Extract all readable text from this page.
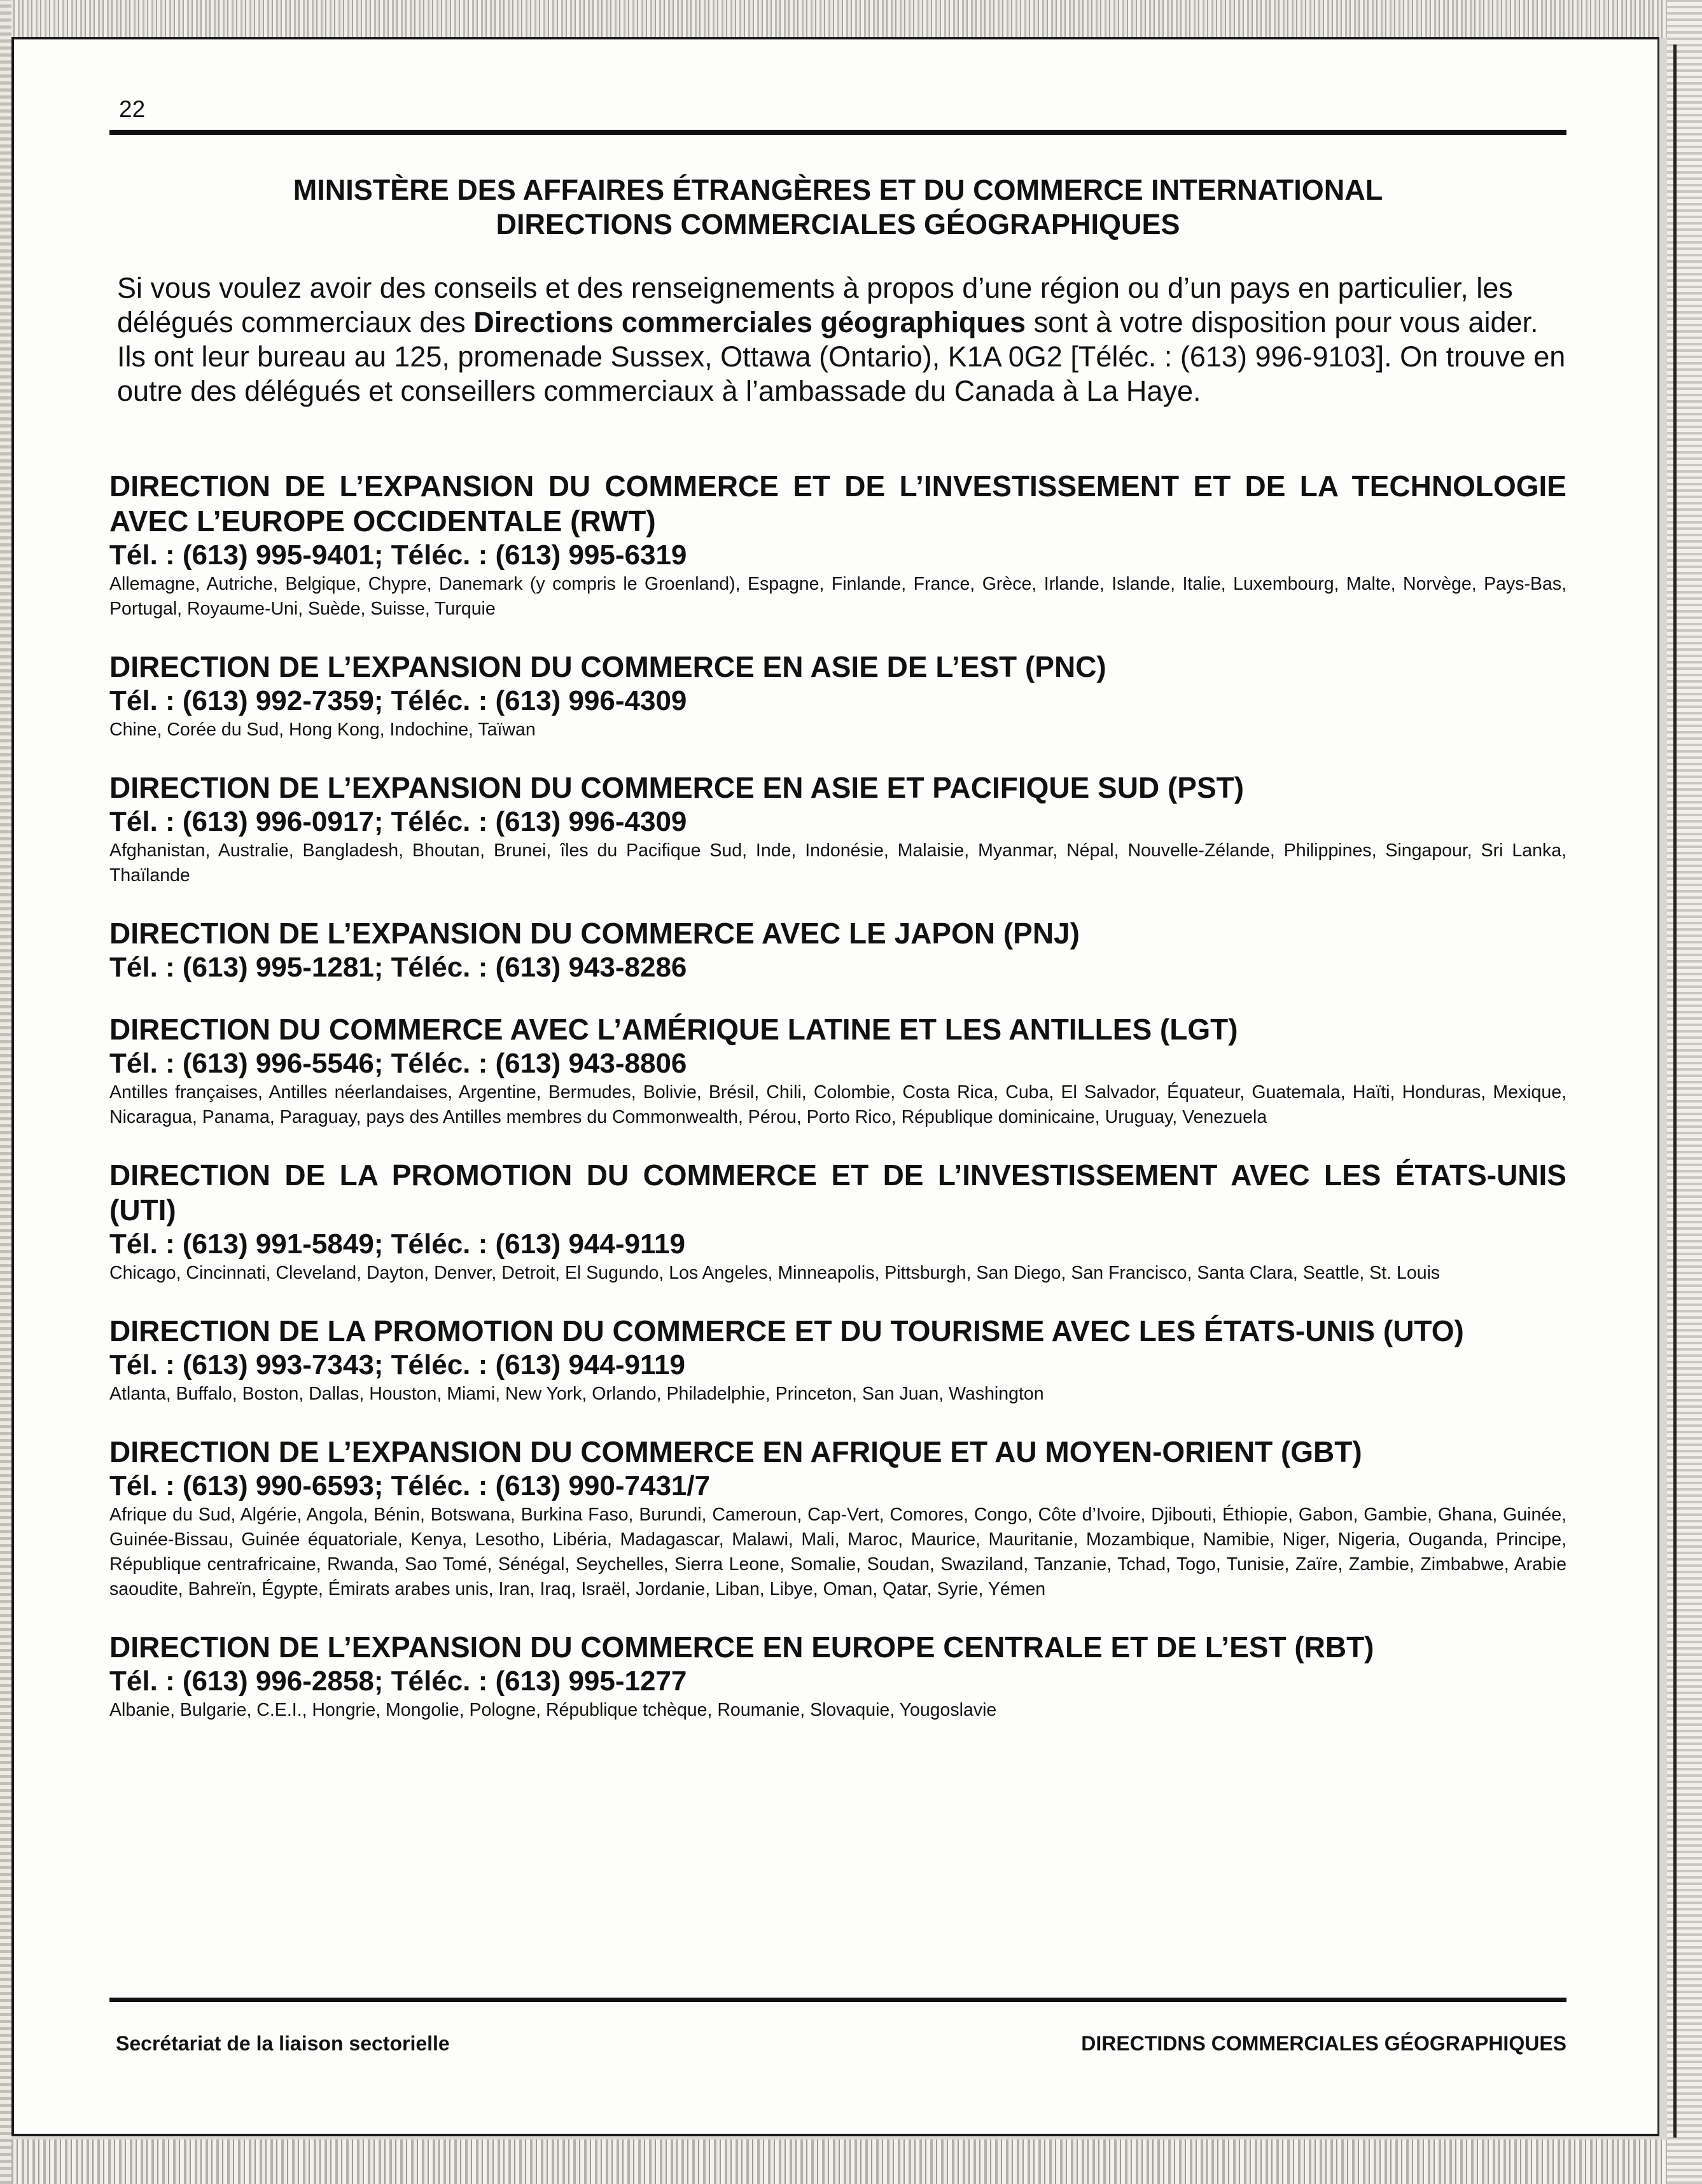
22
MINISTÈRE DES AFFAIRES ÉTRANGÈRES ET DU COMMERCE INTERNATIONAL
DIRECTIONS COMMERCIALES GÉOGRAPHIQUES

Si vous voulez avoir des conseils et des renseignements à propos d’une région ou d’un pays en particulier, les délégués commerciaux des Directions commerciales géographiques sont à votre disposition pour vous aider. Ils ont leur bureau au 125, promenade Sussex, Ottawa (Ontario), K1A 0G2 [Téléc. : (613) 996-9103]. On trouve en outre des délégués et conseillers commerciaux à l’ambassade du Canada à La Haye.

DIRECTION DE L’EXPANSION DU COMMERCE ET DE L’INVESTISSEMENT ET DE LA TECHNOLOGIE AVEC L’EUROPE OCCIDENTALE (RWT)
Tél. : (613) 995-9401; Téléc. : (613) 995-6319
Allemagne, Autriche, Belgique, Chypre, Danemark (y compris le Groenland), Espagne, Finlande, France, Grèce, Irlande, Islande, Italie, Luxembourg, Malte, Norvège, Pays-Bas, Portugal, Royaume-Uni, Suède, Suisse, Turquie
DIRECTION DE L’EXPANSION DU COMMERCE EN ASIE DE L’EST (PNC)
Tél. : (613) 992-7359; Téléc. : (613) 996-4309
Chine, Corée du Sud, Hong Kong, Indochine, Taïwan
DIRECTION DE L’EXPANSION DU COMMERCE EN ASIE ET PACIFIQUE SUD (PST)
Tél. : (613) 996-0917; Téléc. : (613) 996-4309
Afghanistan, Australie, Bangladesh, Bhoutan, Brunei, îles du Pacifique Sud, Inde, Indonésie, Malaisie, Myanmar, Népal, Nouvelle-Zélande, Philippines, Singapour, Sri Lanka, Thaïlande
DIRECTION DE L’EXPANSION DU COMMERCE AVEC LE JAPON (PNJ)
Tél. : (613) 995-1281; Téléc. : (613) 943-8286
DIRECTION DU COMMERCE AVEC L’AMÉRIQUE LATINE ET LES ANTILLES (LGT)
Tél. : (613) 996-5546; Téléc. : (613) 943-8806
Antilles françaises, Antilles néerlandaises, Argentine, Bermudes, Bolivie, Brésil, Chili, Colombie, Costa Rica, Cuba, El Salvador, Équateur, Guatemala, Haïti, Honduras, Mexique, Nicaragua, Panama, Paraguay, pays des Antilles membres du Commonwealth, Pérou, Porto Rico, République dominicaine, Uruguay, Venezuela
DIRECTION DE LA PROMOTION DU COMMERCE ET DE L’INVESTISSEMENT AVEC LES ÉTATS-UNIS (UTI)
Tél. : (613) 991-5849; Téléc. : (613) 944-9119
Chicago, Cincinnati, Cleveland, Dayton, Denver, Detroit, El Sugundo, Los Angeles, Minneapolis, Pittsburgh, San Diego, San Francisco, Santa Clara, Seattle, St. Louis
DIRECTION DE LA PROMOTION DU COMMERCE ET DU TOURISME AVEC LES ÉTATS-UNIS (UTO)
Tél. : (613) 993-7343; Téléc. : (613) 944-9119
Atlanta, Buffalo, Boston, Dallas, Houston, Miami, New York, Orlando, Philadelphie, Princeton, San Juan, Washington
DIRECTION DE L’EXPANSION DU COMMERCE EN AFRIQUE ET AU MOYEN-ORIENT (GBT)
Tél. : (613) 990-6593; Téléc. : (613) 990-7431/7
Afrique du Sud, Algérie, Angola, Bénin, Botswana, Burkina Faso, Burundi, Cameroun, Cap-Vert, Comores, Congo, Côte d’Ivoire, Djibouti, Éthiopie, Gabon, Gambie, Ghana, Guinée, Guinée-Bissau, Guinée équatoriale, Kenya, Lesotho, Libéria, Madagascar, Malawi, Mali, Maroc, Maurice, Mauritanie, Mozambique, Namibie, Niger, Nigeria, Ouganda, Principe, République centrafricaine, Rwanda, Sao Tomé, Sénégal, Seychelles, Sierra Leone, Somalie, Soudan, Swaziland, Tanzanie, Tchad, Togo, Tunisie, Zaïre, Zambie, Zimbabwe, Arabie saoudite, Bahreïn, Égypte, Émirats arabes unis, Iran, Iraq, Israël, Jordanie, Liban, Libye, Oman, Qatar, Syrie, Yémen
DIRECTION DE L’EXPANSION DU COMMERCE EN EUROPE CENTRALE ET DE L’EST (RBT)
Tél. : (613) 996-2858; Téléc. : (613) 995-1277
Albanie, Bulgarie, C.E.I., Hongrie, Mongolie, Pologne, République tchèque, Roumanie, Slovaquie, Yougoslavie
Secrétariat de la liaison sectorielle	DIRECTIDNS COMMERCIALES GÉOGRAPHIQUES
